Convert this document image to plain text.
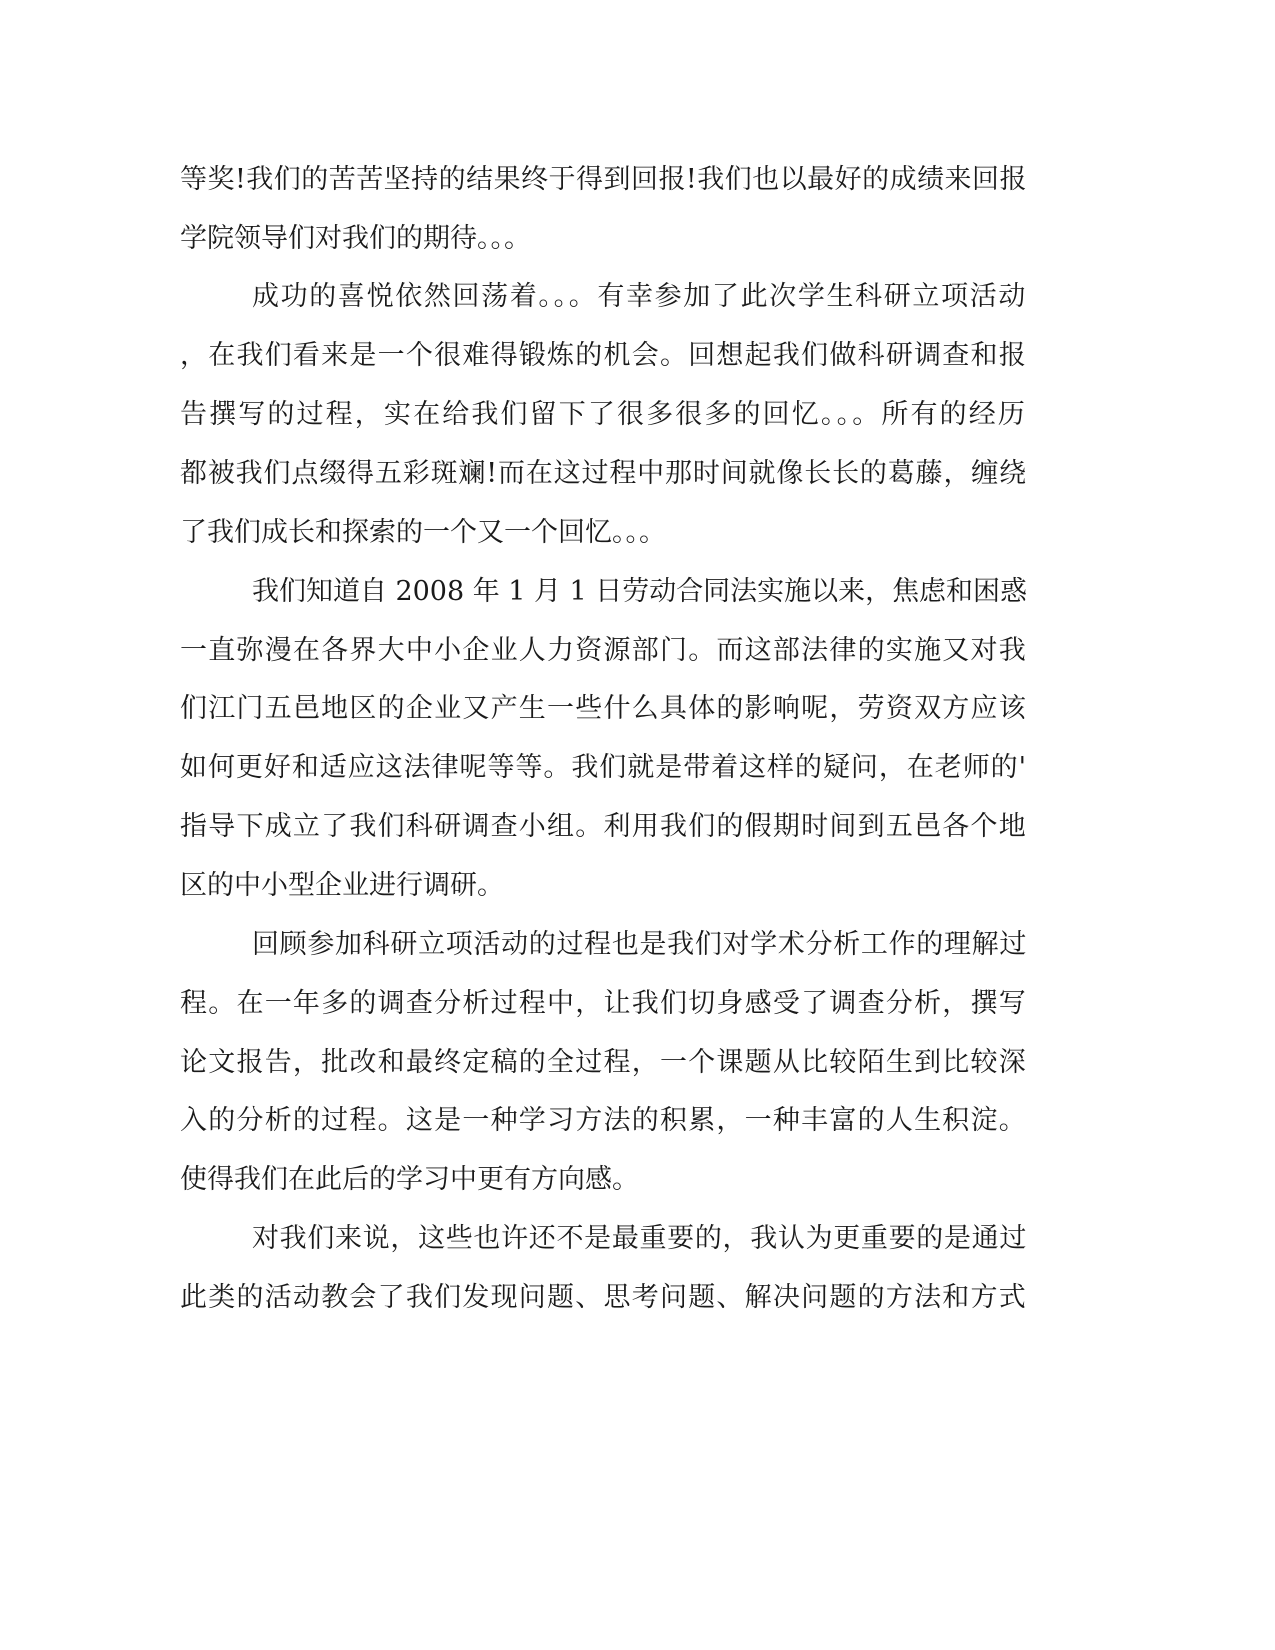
等奖!我们的苦苦坚持的结果终于得到回报!我们也以最好的成绩来回报
学院领导们对我们的期待。。。
成功的喜悦依然回荡着。。。有幸参加了此次学生科研立项活动
，在我们看来是一个很难得锻炼的机会。回想起我们做科研调查和报
告撰写的过程，实在给我们留下了很多很多的回忆。。。所有的经历
都被我们点缀得五彩斑斓!而在这过程中那时间就像长长的葛藤，缠绕
了我们成长和探索的一个又一个回忆。。。
我们知道自 2008 年 1 月 1 日劳动合同法实施以来，焦虑和困惑
一直弥漫在各界大中小企业人力资源部门。而这部法律的实施又对我
们江门五邑地区的企业又产生一些什么具体的影响呢，劳资双方应该
如何更好和适应这法律呢等等。我们就是带着这样的疑问，在老师的'
指导下成立了我们科研调查小组。利用我们的假期时间到五邑各个地
区的中小型企业进行调研。
回顾参加科研立项活动的过程也是我们对学术分析工作的理解过
程。在一年多的调查分析过程中，让我们切身感受了调查分析，撰写
论文报告，批改和最终定稿的全过程，一个课题从比较陌生到比较深
入的分析的过程。这是一种学习方法的积累，一种丰富的人生积淀。
使得我们在此后的学习中更有方向感。
对我们来说，这些也许还不是最重要的，我认为更重要的是通过
此类的活动教会了我们发现问题、思考问题、解决问题的方法和方式
